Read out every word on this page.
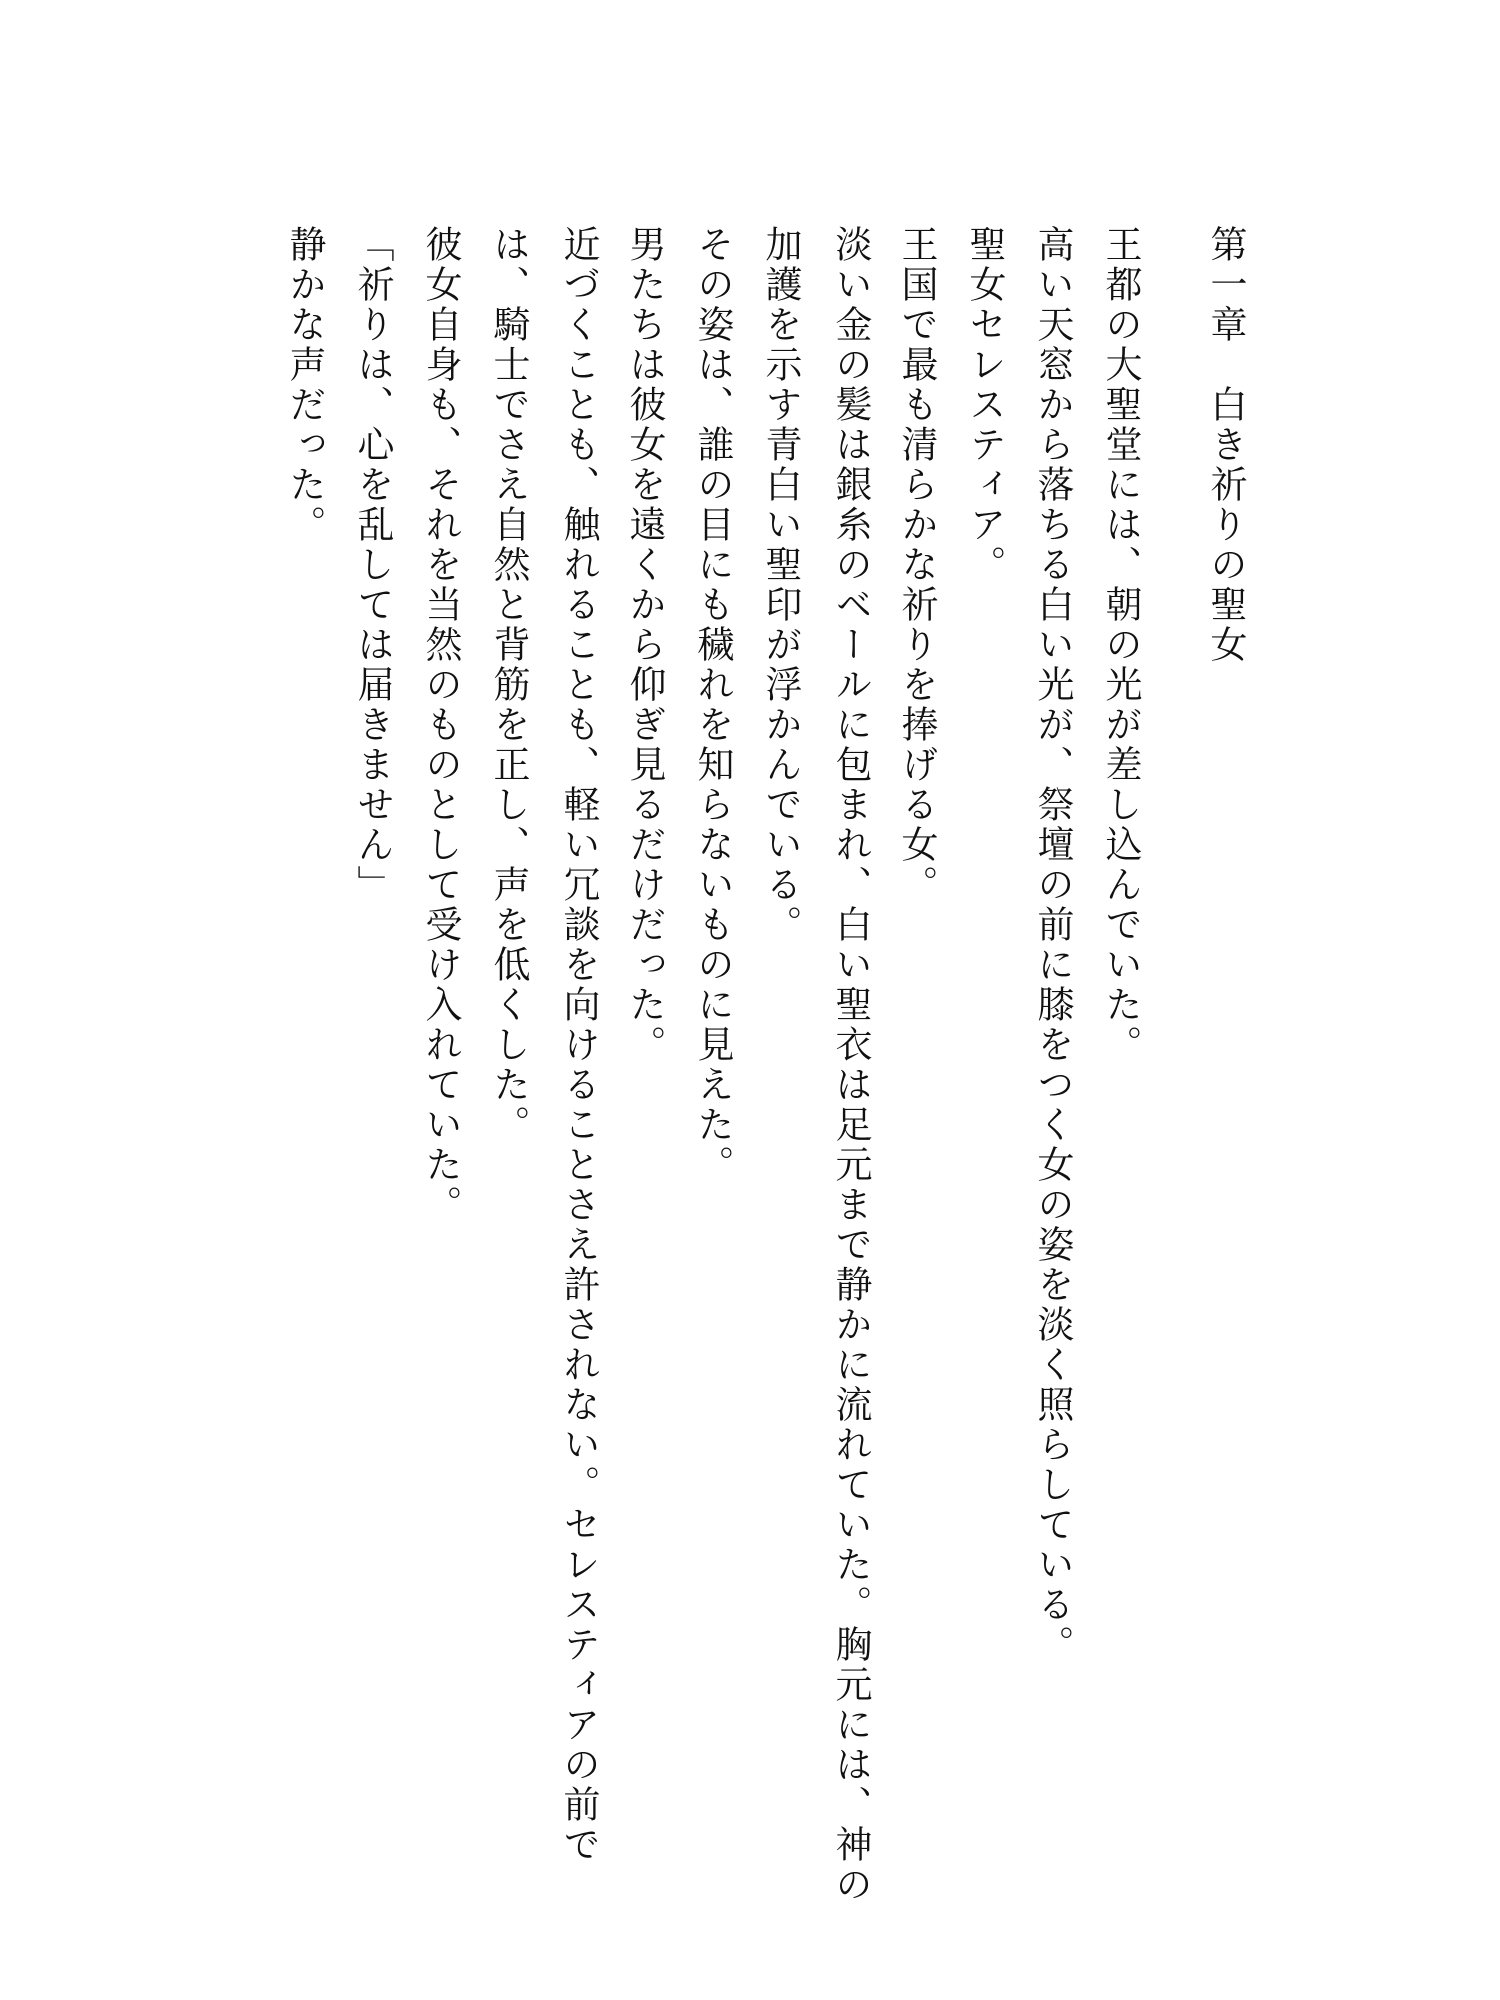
第一章　白き祈りの聖女
王都の大聖堂には、朝の光が差し込んでいた。
高い天窓から落ちる白い光が、祭壇の前に膝をつく女の姿を淡く照らしている。
聖女セレスティア。
王国で最も清らかな祈りを捧げる女。
淡い金の髪は銀糸のベールに包まれ、白い聖衣は足元まで静かに流れていた。胸元には、神の加護を示す青白い聖印が浮かんでいる。
その姿は、誰の目にも穢れを知らないものに見えた。
男たちは彼女を遠くから仰ぎ見るだけだった。
近づくことも、触れることも、軽い冗談を向けることさえ許されない。セレスティアの前では、騎士でさえ自然と背筋を正し、声を低くした。
彼女自身も、それを当然のものとして受け入れていた。
「祈りは、心を乱しては届きません」
静かな声だった。
